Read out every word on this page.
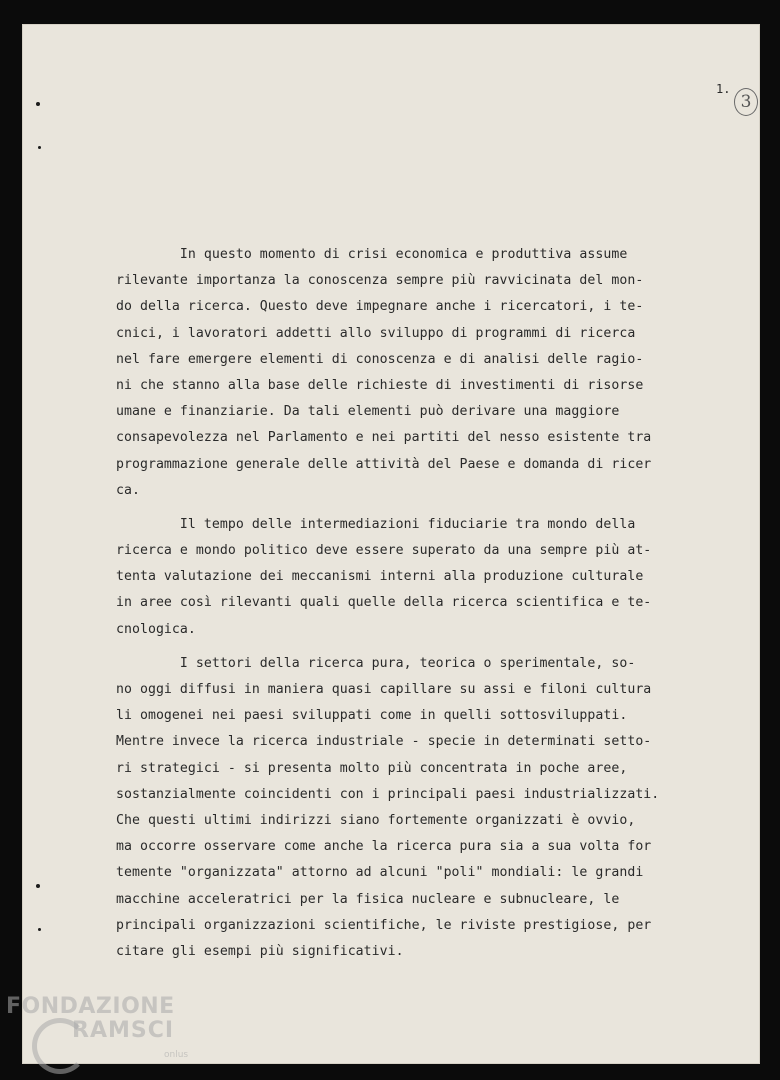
1.
3
In questo momento di crisi economica e produttiva assume
rilevante importanza la conoscenza sempre più ravvicinata del mon-
do della ricerca. Questo deve impegnare anche i ricercatori, i te-
cnici, i lavoratori addetti allo sviluppo di programmi di ricerca
nel fare emergere elementi di conoscenza e di analisi delle ragio-
ni che stanno alla base delle richieste di investimenti di risorse
umane e finanziarie. Da tali elementi può derivare una maggiore
consapevolezza nel Parlamento e nei partiti del nesso esistente tra
programmazione generale delle attività del Paese e domanda di ricer
ca.
Il tempo delle intermediazioni fiduciarie tra mondo della
ricerca e mondo politico deve essere superato da una sempre più at-
tenta valutazione dei meccanismi interni alla produzione culturale
in aree così rilevanti quali quelle della ricerca scientifica e te-
cnologica.
I settori della ricerca pura, teorica o sperimentale, so-
no oggi diffusi in maniera quasi capillare su assi e filoni cultura
li omogenei nei paesi sviluppati come in quelli sottosviluppati.
Mentre invece la ricerca industriale - specie in determinati setto-
ri strategici - si presenta molto più concentrata in poche aree,
sostanzialmente coincidenti con i principali paesi industrializzati.
Che questi ultimi indirizzi siano fortemente organizzati è ovvio,
ma occorre osservare come anche la ricerca pura sia a sua volta for
temente "organizzata" attorno ad alcuni "poli" mondiali: le grandi
macchine acceleratrici per la fisica nucleare e subnucleare, le
principali organizzazioni scientifiche, le riviste prestigiose, per
citare gli esempi più significativi.
FONDAZIONE
RAMSCI
onlus
